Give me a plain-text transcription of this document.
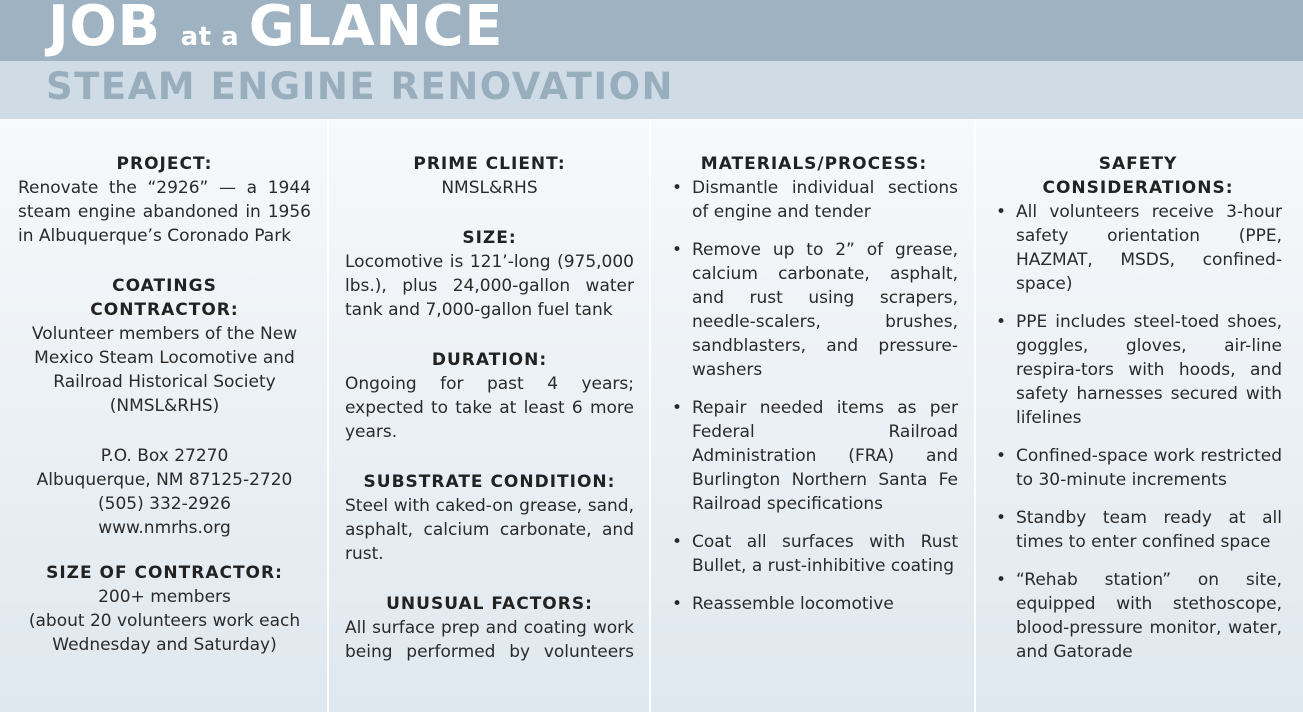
JOB at a GLANCE
STEAM ENGINE RENOVATION
PROJECT:
Renovate the “2926” — a 1944 steam engine abandoned in 1956 in Albuquerque’s Coronado Park
COATINGS
CONTRACTOR:
Volunteer members of the New Mexico Steam Locomotive and Railroad Historical Society (NMSL&RHS)
P.O. Box 27270
Albuquerque, NM 87125-2720
(505) 332-2926
www.nmrhs.org
SIZE OF CONTRACTOR:
200+ members
(about 20 volunteers work each Wednesday and Saturday)
PRIME CLIENT:
NMSL&RHS
SIZE:
Locomotive is 121’-long (975,000 lbs.), plus 24,000-gallon water tank and 7,000-gallon fuel tank
DURATION:
Ongoing for past 4 years; expected to take at least 6 more years.
SUBSTRATE CONDITION:
Steel with caked-on grease, sand, asphalt, calcium carbonate, and rust.
UNUSUAL FACTORS:
All surface prep and coating work being performed by volunteers
MATERIALS/PROCESS:
• Dismantle individual sections of engine and tender
• Remove up to 2” of grease, calcium carbonate, asphalt, and rust using scrapers, needle-scalers, brushes, sandblasters, and pressure-washers
• Repair needed items as per Federal Railroad Administration (FRA) and Burlington Northern Santa Fe Railroad specifications
• Coat all surfaces with Rust Bullet, a rust-inhibitive coating
• Reassemble locomotive
SAFETY
CONSIDERATIONS:
• All volunteers receive 3-hour safety orientation (PPE, HAZMAT, MSDS, confined-space)
• PPE includes steel-toed shoes, goggles, gloves, air-line respira-tors with hoods, and safety harnesses secured with lifelines
• Confined-space work restricted to 30-minute increments
• Standby team ready at all times to enter confined space
• “Rehab station” on site, equipped with stethoscope, blood-pressure monitor, water, and Gatorade
